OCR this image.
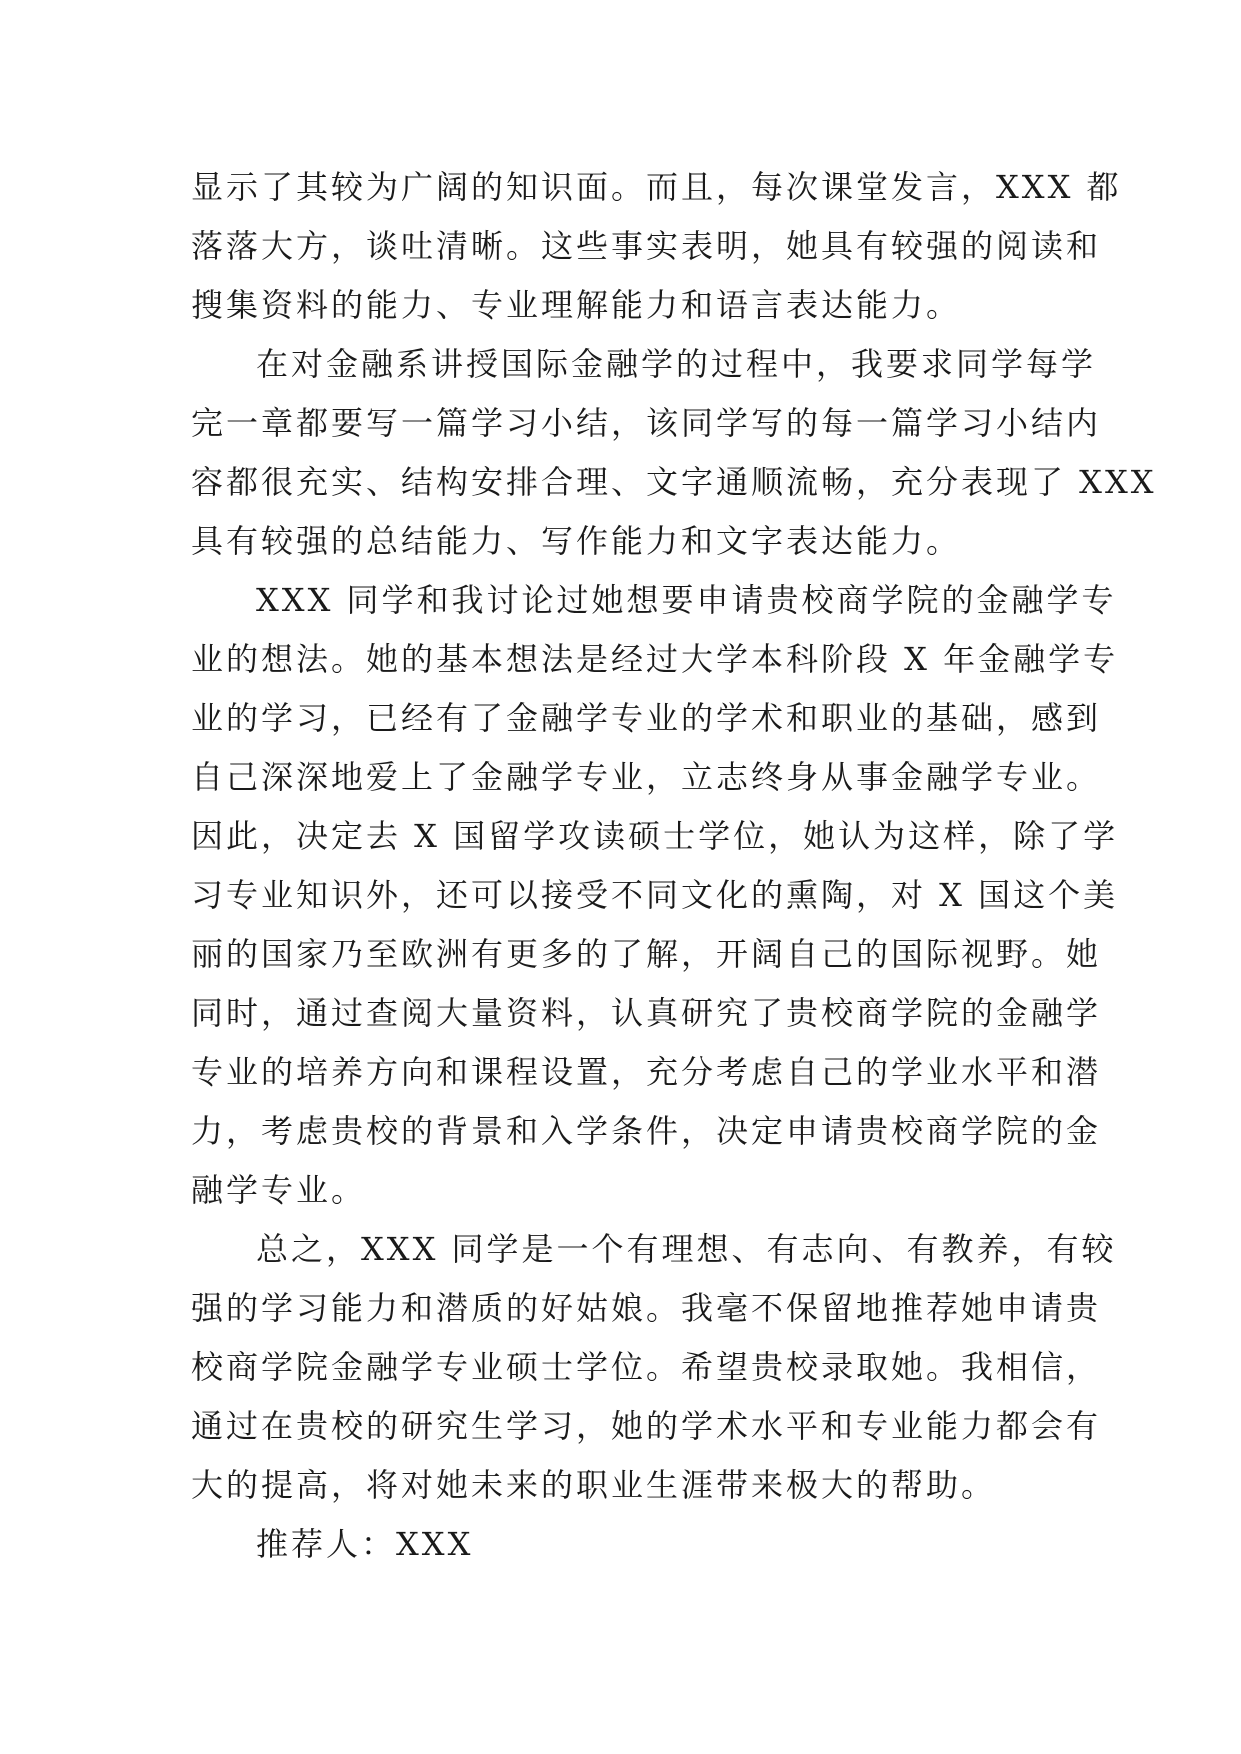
显示了其较为广阔的知识面。而且，每次课堂发言，XXX 都
落落大方，谈吐清晰。这些事实表明，她具有较强的阅读和
搜集资料的能力、专业理解能力和语言表达能力。
在对金融系讲授国际金融学的过程中，我要求同学每学
完一章都要写一篇学习小结，该同学写的每一篇学习小结内
容都很充实、结构安排合理、文字通顺流畅，充分表现了 XXX
具有较强的总结能力、写作能力和文字表达能力。
XXX 同学和我讨论过她想要申请贵校商学院的金融学专
业的想法。她的基本想法是经过大学本科阶段 X 年金融学专
业的学习，已经有了金融学专业的学术和职业的基础，感到
自己深深地爱上了金融学专业，立志终身从事金融学专业。
因此，决定去 X 国留学攻读硕士学位，她认为这样，除了学
习专业知识外，还可以接受不同文化的熏陶，对 X 国这个美
丽的国家乃至欧洲有更多的了解，开阔自己的国际视野。她
同时，通过查阅大量资料，认真研究了贵校商学院的金融学
专业的培养方向和课程设置，充分考虑自己的学业水平和潜
力，考虑贵校的背景和入学条件，决定申请贵校商学院的金
融学专业。
总之，XXX 同学是一个有理想、有志向、有教养，有较
强的学习能力和潜质的好姑娘。我毫不保留地推荐她申请贵
校商学院金融学专业硕士学位。希望贵校录取她。我相信，
通过在贵校的研究生学习，她的学术水平和专业能力都会有
大的提高，将对她未来的职业生涯带来极大的帮助。
推荐人：XXX
